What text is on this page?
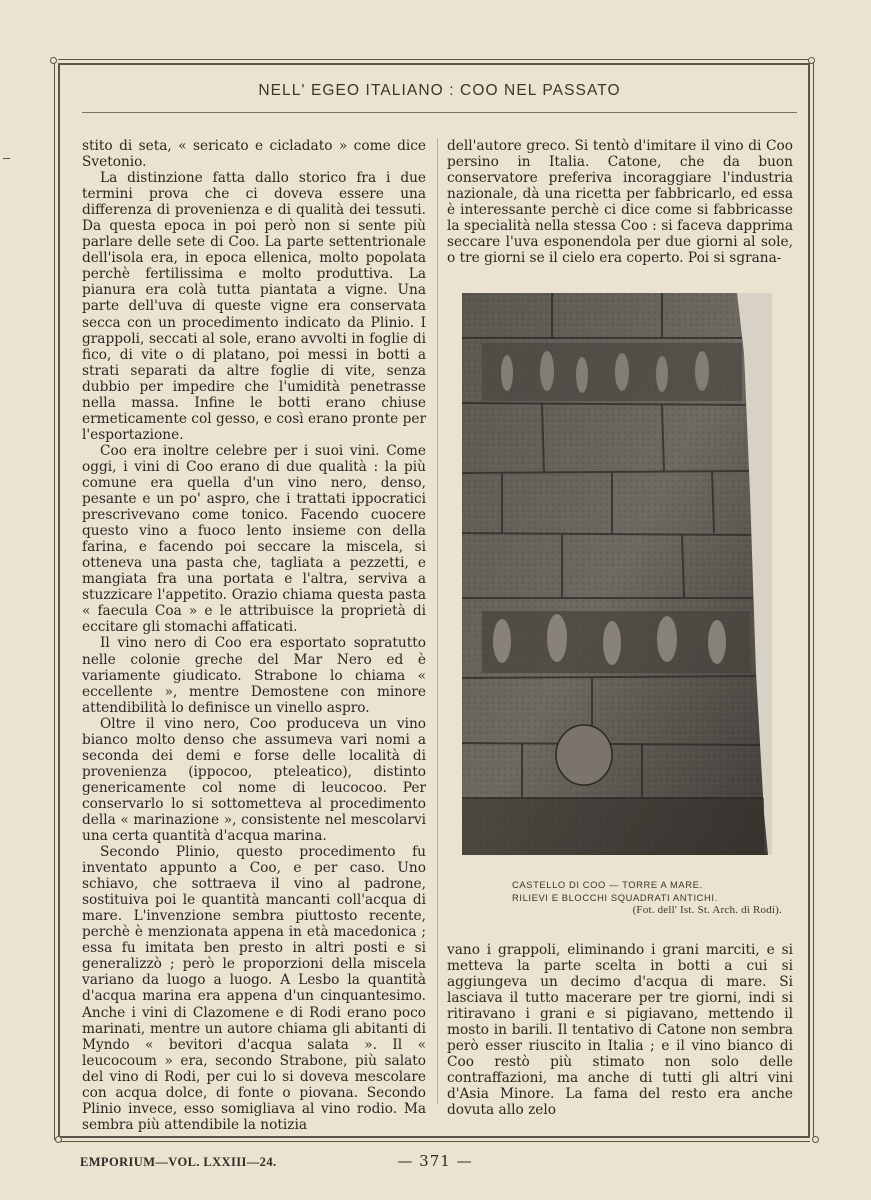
NELL' EGEO ITALIANO : COO NEL PASSATO

stito di seta, « sericato e cicladato » come dice Svetonio.

La distinzione fatta dallo storico fra i due termini prova che ci doveva essere una differenza di provenienza e di qualità dei tessuti. Da questa epoca in poi però non si sente più parlare delle sete di Coo. La parte settentrionale dell'isola era, in epoca ellenica, molto popolata perchè fertilissima e molto produttiva. La pianura era colà tutta piantata a vigne. Una parte dell'uva di queste vigne era conservata secca con un procedimento indicato da Plinio. I grappoli, seccati al sole, erano avvolti in foglie di fico, di vite o di platano, poi messi in botti a strati separati da altre foglie di vite, senza dubbio per impedire che l'umidità penetrasse nella massa. Infine le botti erano chiuse ermeticamente col gesso, e così erano pronte per l'esportazione.

Coo era inoltre celebre per i suoi vini. Come oggi, i vini di Coo erano di due qualità : la più comune era quella d'un vino nero, denso, pesante e un po' aspro, che i trattati ippocratici prescrivevano come tonico. Facendo cuocere questo vino a fuoco lento insieme con della farina, e facendo poi seccare la miscela, si otteneva una pasta che, tagliata a pezzetti, e mangiata fra una portata e l'altra, serviva a stuzzicare l'appetito. Orazio chiama questa pasta « faecula Coa » e le attribuisce la proprietà di eccitare gli stomachi affaticati.

Il vino nero di Coo era esportato sopratutto nelle colonie greche del Mar Nero ed è variamente giudicato. Strabone lo chiama « eccellente », mentre Demostene con minore attendibilità lo definisce un vinello aspro.

Oltre il vino nero, Coo produceva un vino bianco molto denso che assumeva vari nomi a seconda dei demi e forse delle località di provenienza (ippocoo, pteleatico), distinto genericamente col nome di leucocoo. Per conservarlo lo si sottometteva al procedimento della « marinazione », consistente nel mescolarvi una certa quantità d'acqua marina.

Secondo Plinio, questo procedimento fu inventato appunto a Coo, e per caso. Uno schiavo, che sottraeva il vino al padrone, sostituiva poi le quantità mancanti coll'acqua di mare. L'invenzione sembra piuttosto recente, perchè è menzionata appena in età macedonica ; essa fu imitata ben presto in altri posti e si generalizzò ; però le proporzioni della miscela variano da luogo a luogo. A Lesbo la quantità d'acqua marina era appena d'un cinquantesimo. Anche i vini di Clazomene e di Rodi erano poco marinati, mentre un autore chiama gli abitanti di Myndo « bevitori d'acqua salata ». Il « leucocoum » era, secondo Strabone, più salato del vino di Rodi, per cui lo si doveva mescolare con acqua dolce, di fonte o piovana. Secondo Plinio invece, esso somigliava al vino rodio. Ma sembra più attendibile la notizia

dell'autore greco. Si tentò d'imitare il vino di Coo persino in Italia. Catone, che da buon conservatore preferiva incoraggiare l'industria nazionale, dà una ricetta per fabbricarlo, ed essa è interessante perchè ci dice come si fabbricasse la specialità nella stessa Coo : si faceva dapprima seccare l'uva esponendola per due giorni al sole, o tre giorni se il cielo era coperto. Poi si sgrana-

CASTELLO DI COO — TORRE A MARE.
RILIEVI E BLOCCHI SQUADRATI ANTICHI.
(Fot. dell' Ist. St. Arch. di Rodi).

vano i grappoli, eliminando i grani marciti, e si metteva la parte scelta in botti a cui si aggiungeva un decimo d'acqua di mare. Si lasciava il tutto macerare per tre giorni, indi si ritiravano i grani e si pigiavano, mettendo il mosto in barili. Il tentativo di Catone non sembra però esser riuscito in Italia ; e il vino bianco di Coo restò più stimato non solo delle contraffazioni, ma anche di tutti gli altri vini d'Asia Minore. La fama del resto era anche dovuta allo zelo

EMPORIUM—VOL. LXXIII—24.	— 371 —
